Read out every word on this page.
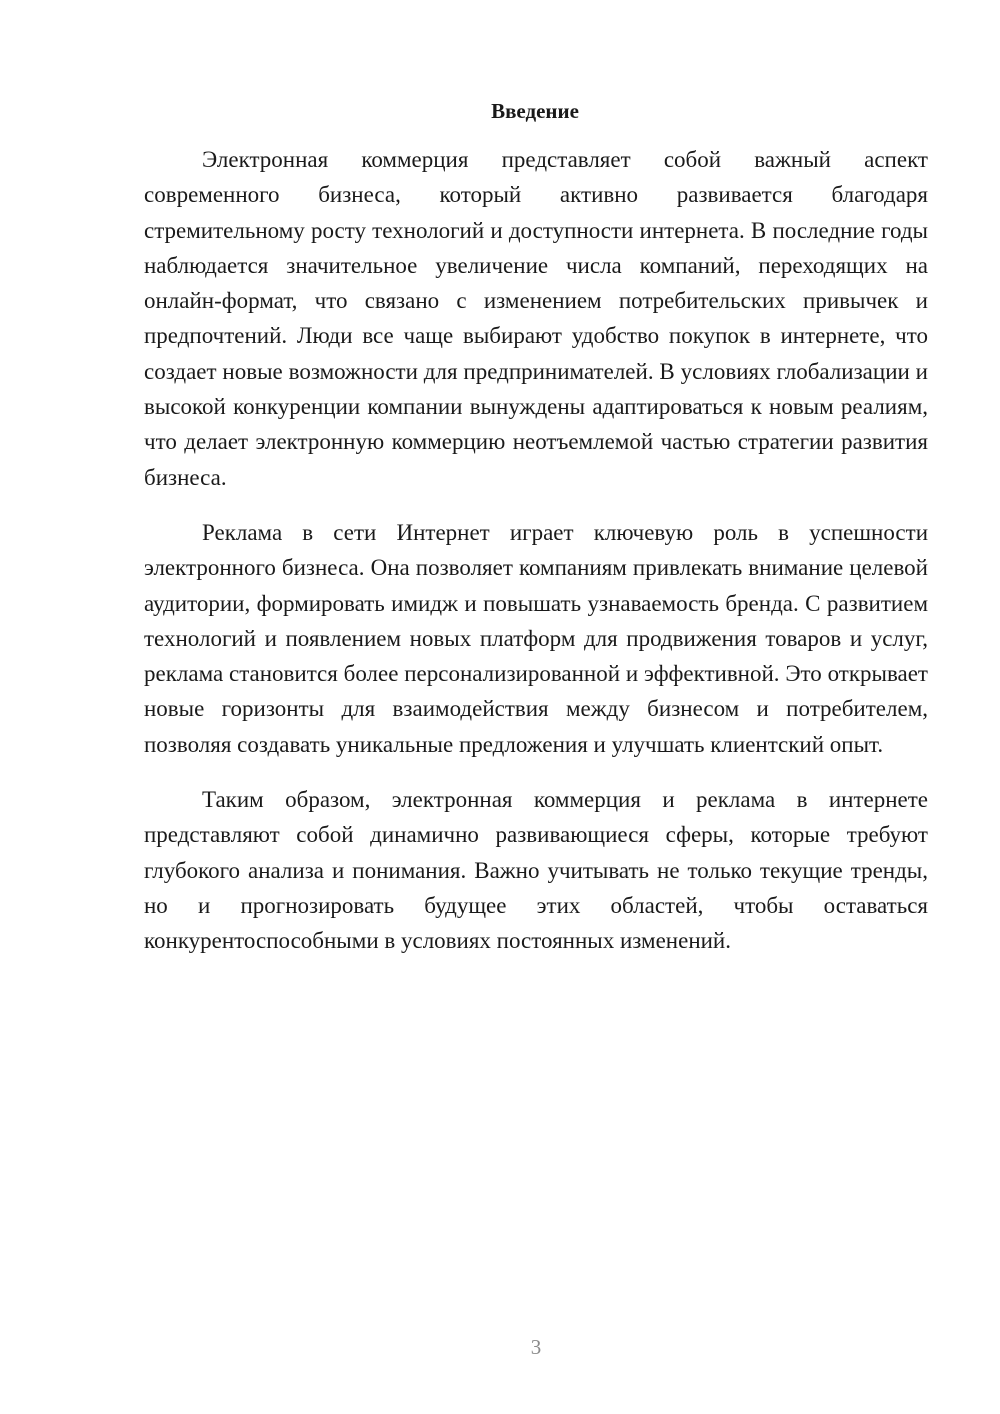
Введение

Электронная коммерция представляет собой важный аспект современного бизнеса, который активно развивается благодаря стремительному росту технологий и доступности интернета. В последние годы наблюдается значительное увеличение числа компаний, переходящих на онлайн-формат, что связано с изменением потребительских привычек и предпочтений. Люди все чаще выбирают удобство покупок в интернете, что создает новые возможности для предпринимателей. В условиях глобализации и высокой конкуренции компании вынуждены адаптироваться к новым реалиям, что делает электронную коммерцию неотъемлемой частью стратегии развития бизнеса.

Реклама в сети Интернет играет ключевую роль в успешности электронного бизнеса. Она позволяет компаниям привлекать внимание целевой аудитории, формировать имидж и повышать узнаваемость бренда. С развитием технологий и появлением новых платформ для продвижения товаров и услуг, реклама становится более персонализированной и эффективной. Это открывает новые горизонты для взаимодействия между бизнесом и потребителем, позволяя создавать уникальные предложения и улучшать клиентский опыт.

Таким образом, электронная коммерция и реклама в интернете представляют собой динамично развивающиеся сферы, которые требуют глубокого анализа и понимания. Важно учитывать не только текущие тренды, но и прогнозировать будущее этих областей, чтобы оставаться конкурентоспособными в условиях постоянных изменений.

3
